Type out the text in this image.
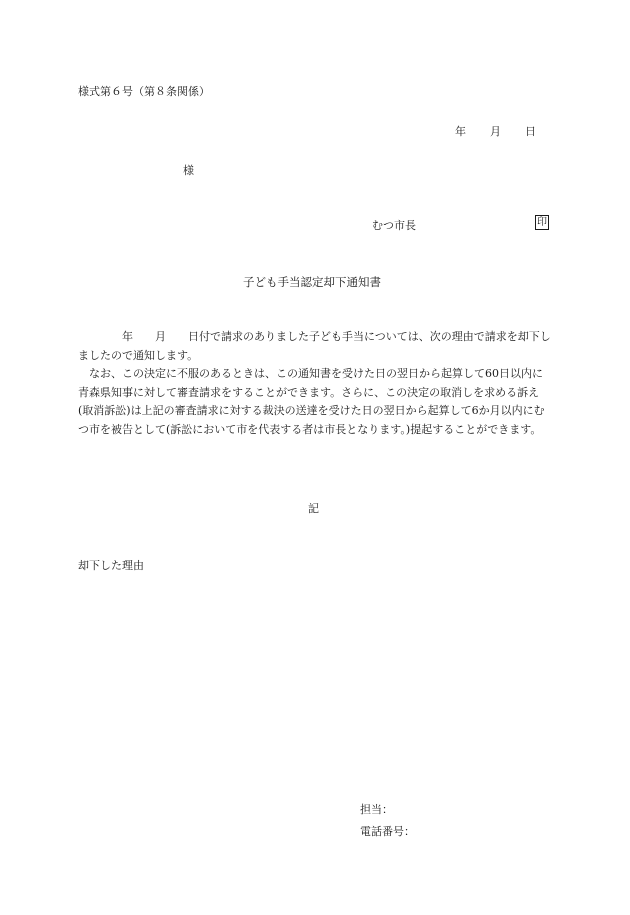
様式第６号（第８条関係）
年 月 日
様
むつ市長	印
子ども手当認定却下通知書

年 月 日付で請求のありました子ども手当については、次の理由で請求を却下しましたので通知します。

なお、この決定に不服のあるときは、この通知書を受けた日の翌日から起算して60日以内に青森県知事に対して審査請求をすることができます。さらに、この決定の取消しを求める訴え(取消訴訟)は上記の審査請求に対する裁決の送達を受けた日の翌日から起算して6か月以内にむつ市を被告として(訴訟において市を代表する者は市長となります。)提起することができます。

記
却下した理由
担当：
電話番号：
